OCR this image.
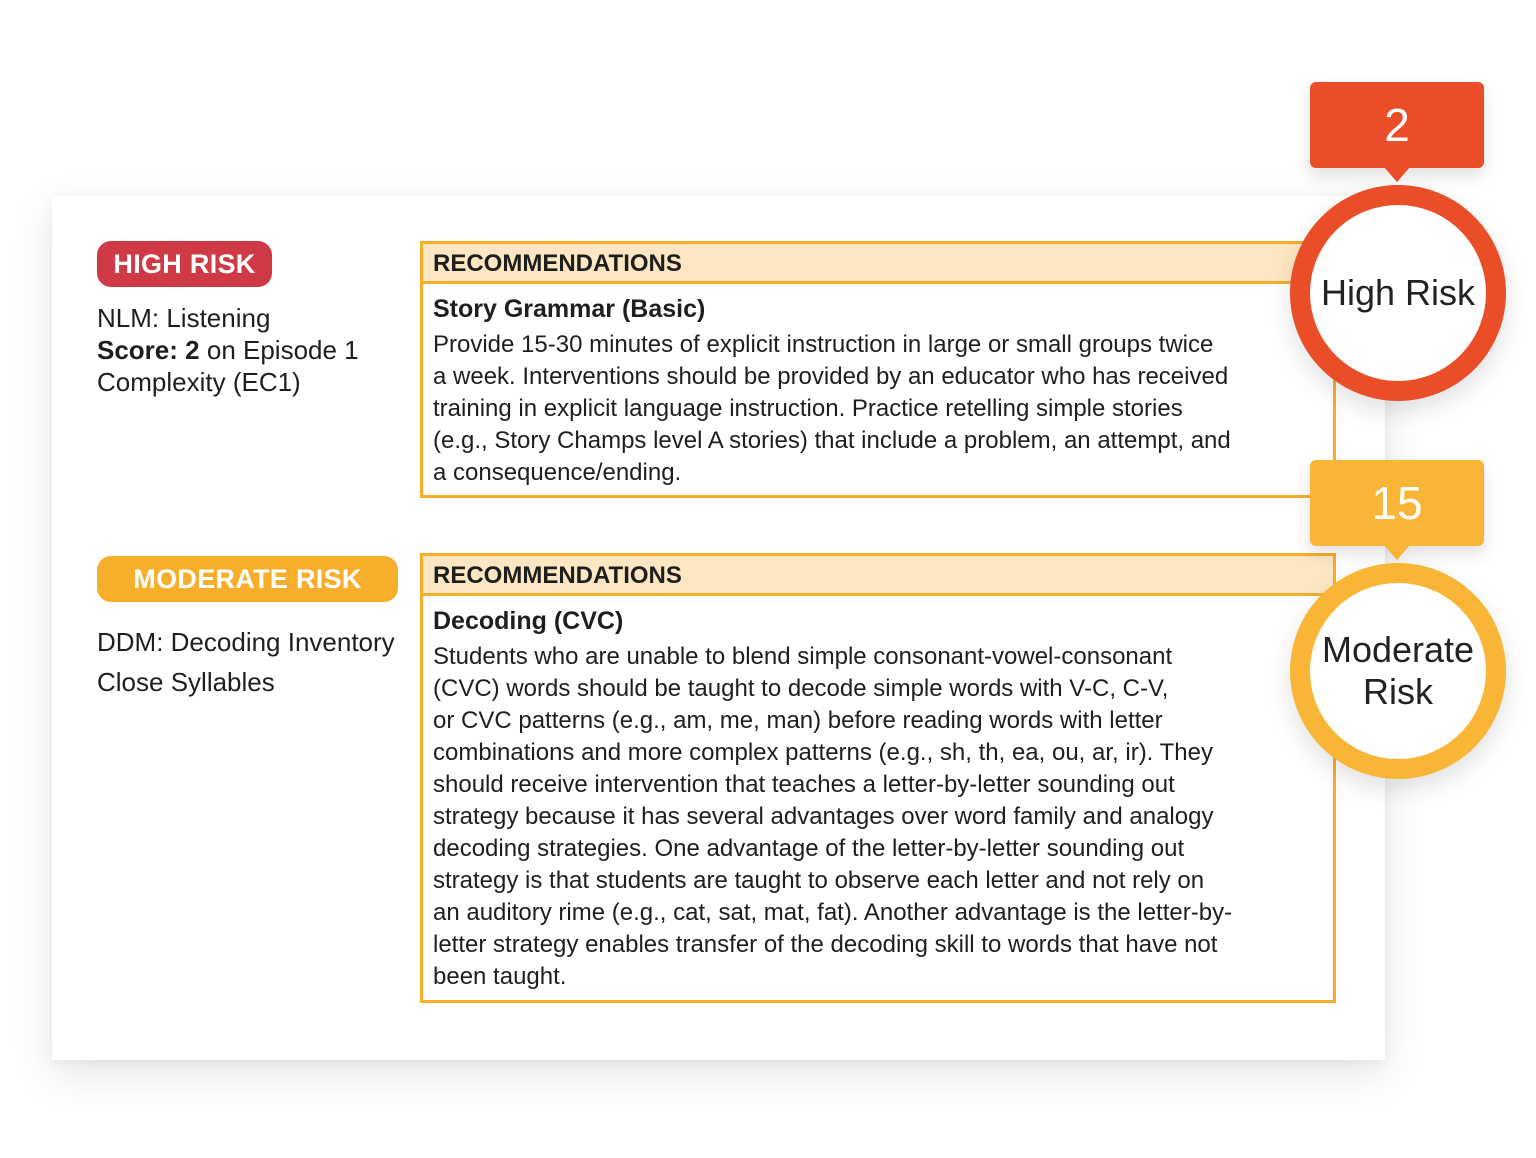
HIGH RISK
NLM: Listening
Score: 2 on Episode 1
Complexity (EC1)
RECOMMENDATIONS
Story Grammar (Basic)
Provide 15-30 minutes of explicit instruction in large or small groups twice
a week. Interventions should be provided by an educator who has received
training in explicit language instruction. Practice retelling simple stories
(e.g., Story Champs level A stories) that include a problem, an attempt, and
a consequence/ending.
MODERATE RISK
DDM: Decoding Inventory
Close Syllables
RECOMMENDATIONS
Decoding (CVC)
Students who are unable to blend simple consonant-vowel-consonant
(CVC) words should be taught to decode simple words with V-C, C-V,
or CVC patterns (e.g., am, me, man) before reading words with letter
combinations and more complex patterns (e.g., sh, th, ea, ou, ar, ir). They
should receive intervention that teaches a letter-by-letter sounding out
strategy because it has several advantages over word family and analogy
decoding strategies. One advantage of the letter-by-letter sounding out
strategy is that students are taught to observe each letter and not rely on
an auditory rime (e.g., cat, sat, mat, fat). Another advantage is the letter-by-
letter strategy enables transfer of the decoding skill to words that have not
been taught.
2
High Risk
15
Moderate
Risk
